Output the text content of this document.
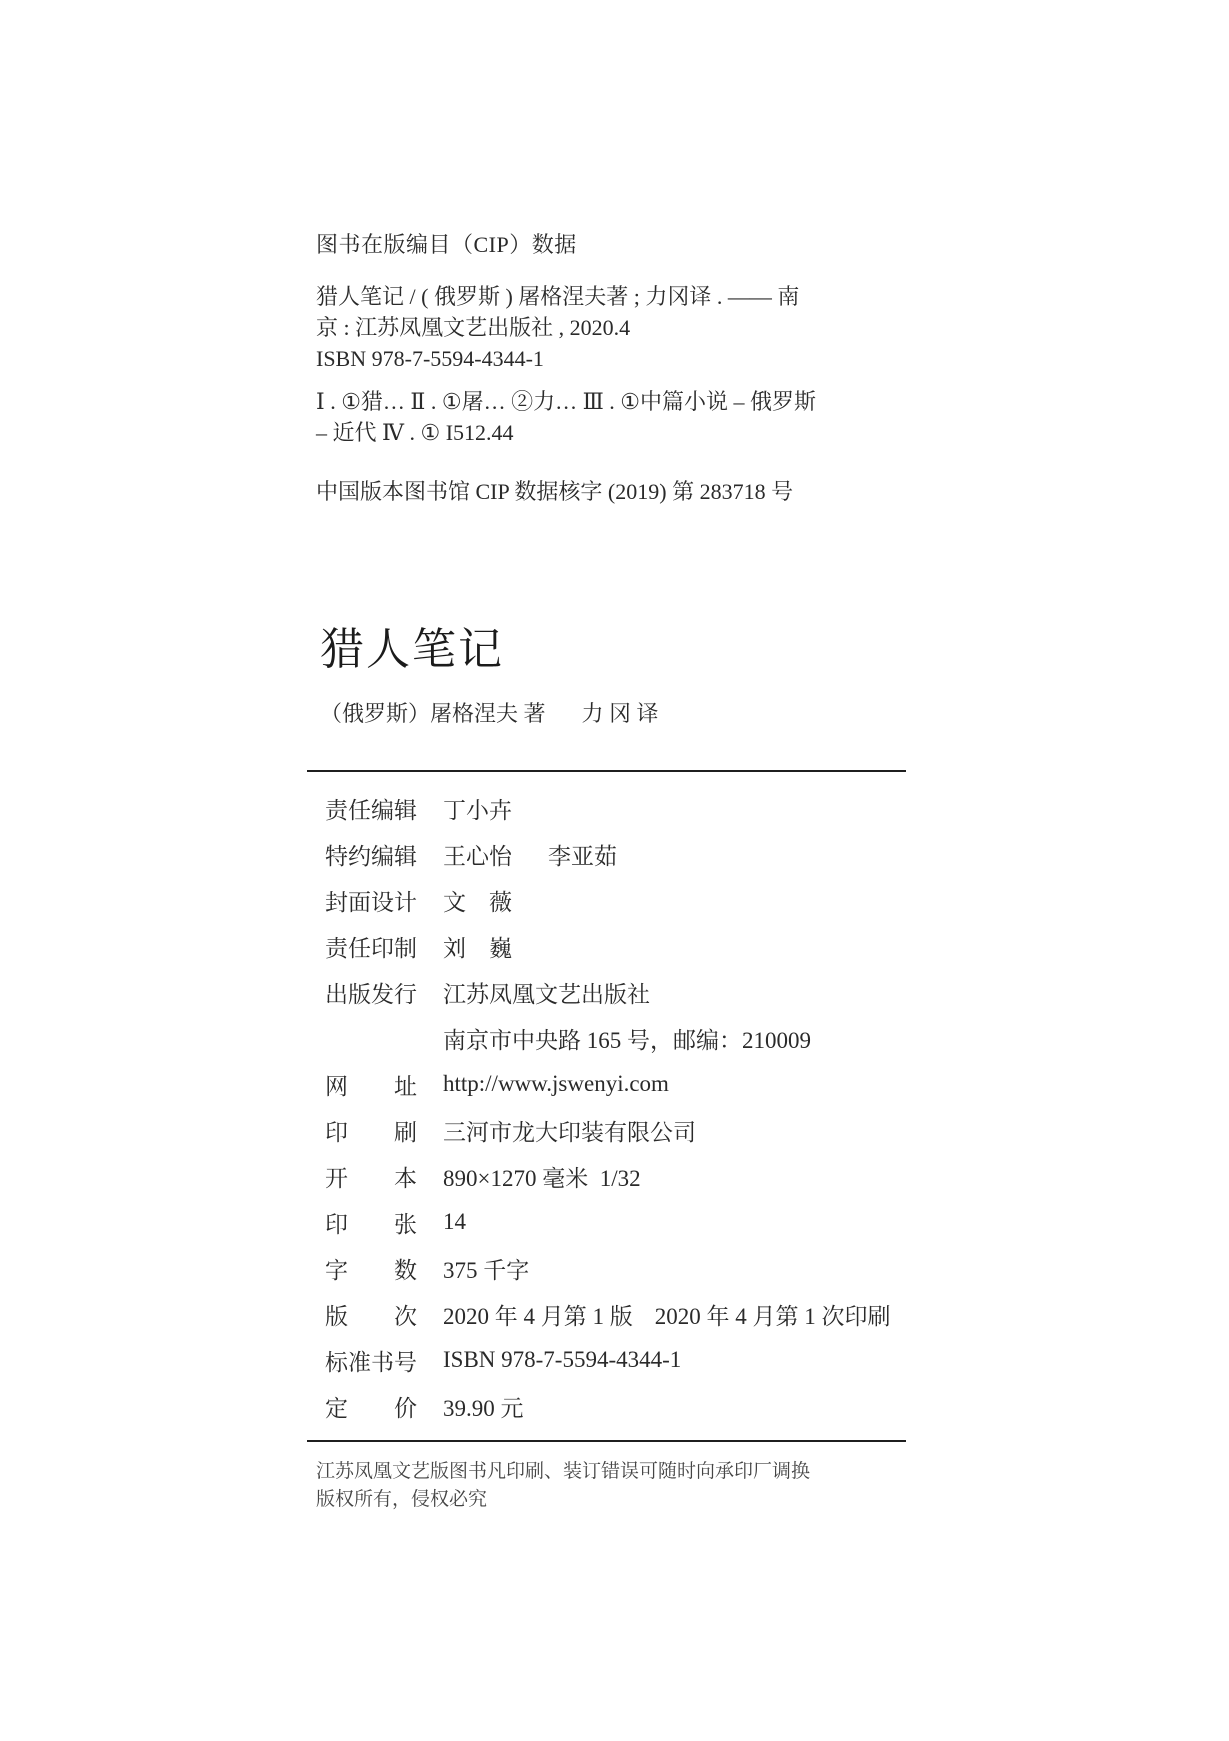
图书在版编目（CIP）数据
猎人笔记 / ( 俄罗斯 ) 屠格涅夫著 ; 力冈译 . —— 南
京 : 江苏凤凰文艺出版社 , 2020.4
ISBN 978-7-5594-4344-1
Ⅰ . ①猎… Ⅱ . ①屠… ②力… Ⅲ . ①中篇小说 – 俄罗斯
– 近代 Ⅳ . ① I512.44
中国版本图书馆 CIP 数据核字 (2019) 第 283718 号
猎人笔记
（俄罗斯）屠格涅夫 著 力 冈 译
责任编辑 丁小卉
特约编辑 王心怡 李亚茹
封面设计 文　薇
责任印制 刘　巍
出版发行 江苏凤凰文艺出版社
南京市中央路 165 号，邮编：210009
网址 http://www.jswenyi.com
印刷 三河市龙大印装有限公司
开本 890×1270 毫米  1/32
印张 14
字数 375 千字
版次 2020 年 4 月第 1 版 2020 年 4 月第 1 次印刷
标准书号 ISBN 978-7-5594-4344-1
定价 39.90 元
江苏凤凰文艺版图书凡印刷、装订错误可随时向承印厂调换
版权所有，侵权必究
